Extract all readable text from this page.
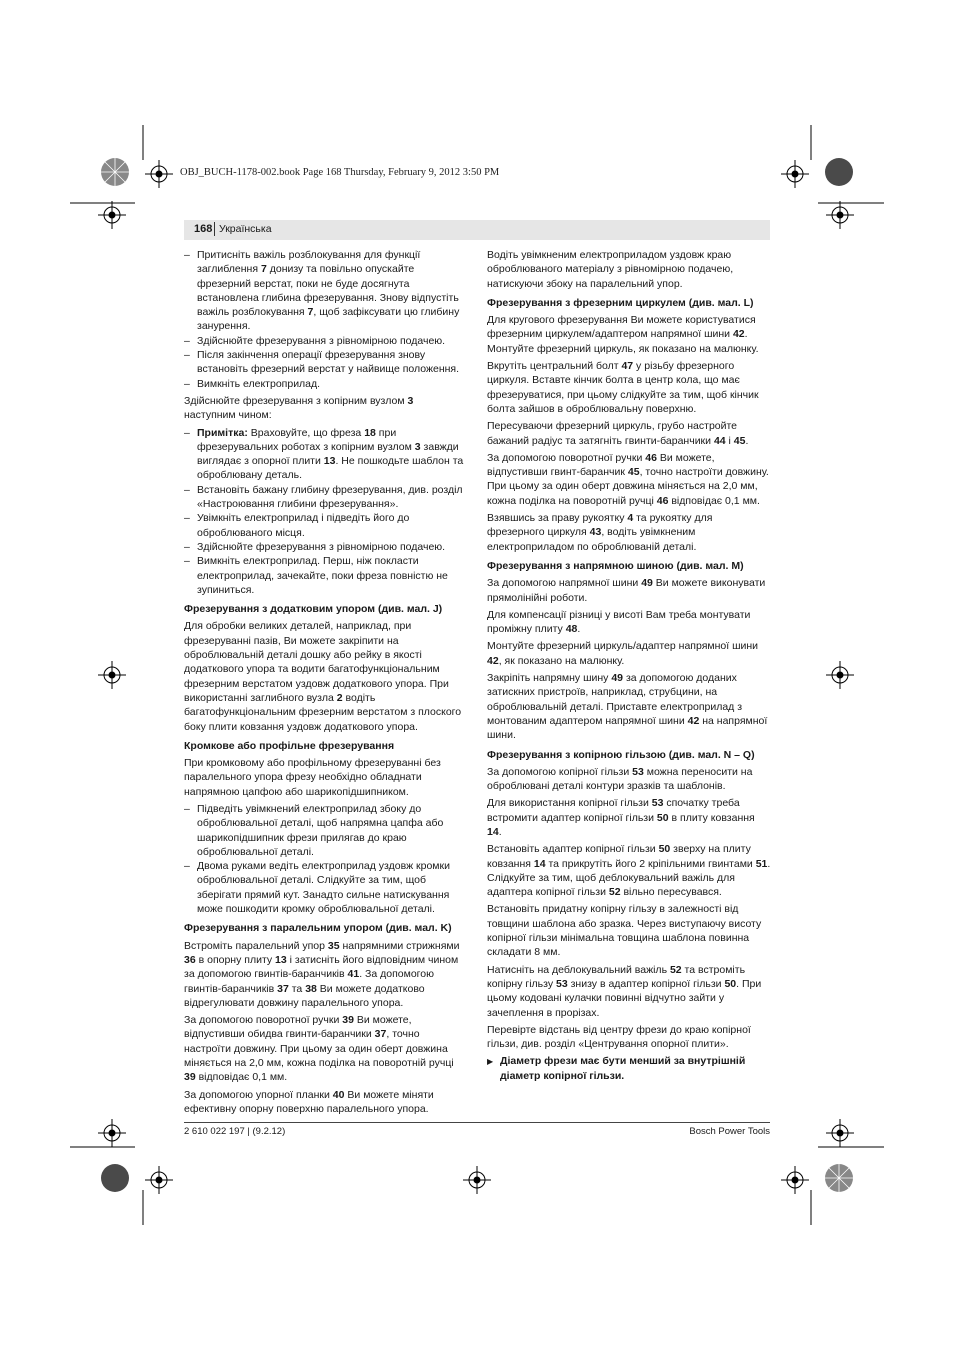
OBJ_BUCH-1178-002.book Page 168 Thursday, February 9, 2012 3:50 PM
168 Українська
– Притисніть важіль розблокування для функції заглиблення 7 донизу та повільно опускайте фрезерний верстат, поки не буде досягнута встановлена глибина фрезерування. Знову відпустіть важіль розблокування 7, щоб зафіксувати цю глибину занурення.
– Здійснюйте фрезерування з рівномірною подачею.
– Після закінчення операції фрезерування знову встановіть фрезерний верстат у найвище положення.
– Вимкніть електроприлад.

Здійснюйте фрезерування з копірним вузлом 3 наступним чином:

– Примітка: Враховуйте, що фреза 18 при фрезерувальних роботах з копірним вузлом 3 завжди виглядає з опорної плити 13. Не пошкодьте шаблон та оброблювану деталь.
– Встановіть бажану глибину фрезерування, див. розділ «Настроювання глибини фрезерування».
– Увімкніть електроприлад і підведіть його до оброблюваного місця.
– Здійснюйте фрезерування з рівномірною подачею.
– Вимкніть електроприлад. Перш, ніж покласти електроприлад, зачекайте, поки фреза повністю не зупиниться.
Фрезерування з додатковим упором (див. мал. J)

Для обробки великих деталей, наприклад, при фрезеруванні пазів, Ви можете закріпити на оброблювальній деталі дошку або рейку в якості додаткового упора та водити багатофункціональним фрезерним верстатом уздовж додаткового упора. При використанні заглибного вузла 2 водіть багатофункціональним фрезерним верстатом з плоского боку плити ковзання уздовж додаткового упора.

Кромкове або профільне фрезерування

При кромковому або профільному фрезеруванні без паралельного упора фрезу необхідно обладнати напрямною цапфою або шарикопідшипником.

– Підведіть увімкнений електроприлад збоку до оброблювальної деталі, щоб напрямна цапфа або шарикопідшипник фрези прилягав до краю оброблювальної деталі.
– Двома руками ведіть електроприлад уздовж кромки оброблювальної деталі. Слідкуйте за тим, щоб зберігати прямий кут. Занадто сильне натискування може пошкодити кромку оброблювальної деталі.
Фрезерування з паралельним упором (див. мал. K)

Встроміть паралельний упор 35 напрямними стрижнями 36 в опорну плиту 13 і затисніть його відповідним чином за допомогою гвинтів-баранчиків 41. За допомогою гвинтів-баранчиків 37 та 38 Ви можете додатково відрегулювати довжину паралельного упора.

За допомогою поворотної ручки 39 Ви можете, відпустивши обидва гвинти-баранчики 37, точно настроїти довжину. При цьому за один оберт довжина міняється на 2,0 мм, кожна поділка на поворотній ручці 39 відповідає 0,1 мм.

За допомогою упорної планки 40 Ви можете міняти ефективну опорну поверхню паралельного упора.

Водіть увімкненим електроприладом уздовж краю оброблюваного матеріалу з рівномірною подачею, натискуючи збоку на паралельний упор.

Фрезерування з фрезерним циркулем (див. мал. L)

Для кругового фрезерування Ви можете користуватися фрезерним циркулем/адаптером напрямної шини 42. Монтуйте фрезерний циркуль, як показано на малюнку.

Вкрутіть центральний болт 47 у різьбу фрезерного циркуля. Вставте кінчик болта в центр кола, що має фрезеруватися, при цьому слідкуйте за тим, щоб кінчик болта зайшов в оброблювальну поверхню.

Пересуваючи фрезерний циркуль, грубо настройте бажаний радіус та затягніть гвинти-баранчики 44 і 45.

За допомогою поворотної ручки 46 Ви можете, відпустивши гвинт-баранчик 45, точно настроїти довжину. При цьому за один оберт довжина міняється на 2,0 мм, кожна поділка на поворотній ручці 46 відповідає 0,1 мм.

Взявшись за праву рукоятку 4 та рукоятку для фрезерного циркуля 43, водіть увімкненим електроприладом по оброблюваній деталі.

Фрезерування з напрямною шиною (див. мал. M)

За допомогою напрямної шини 49 Ви можете виконувати прямолінійні роботи.

Для компенсації різниці у висоті Вам треба монтувати проміжну плиту 48.

Монтуйте фрезерний циркуль/адаптер напрямної шини 42, як показано на малюнку.

Закріпіть напрямну шину 49 за допомогою доданих затискних пристроїв, наприклад, струбцини, на оброблювальній деталі. Приставте електроприлад з монтованим адаптером напрямної шини 42 на напрямної шини.

Фрезерування з копірною гільзою (див. мал. N – Q)

За допомогою копірної гільзи 53 можна переносити на оброблювані деталі контури зразків та шаблонів.

Для використання копірної гільзи 53 спочатку треба встромити адаптер копірної гільзи 50 в плиту ковзання 14.

Встановіть адаптер копірної гільзи 50 зверху на плиту ковзання 14 та прикрутіть його 2 кріпільними гвинтами 51. Слідкуйте за тим, щоб деблокувальний важіль для адаптера копірної гільзи 52 вільно пересувався.

Встановіть придатну копірну гільзу в залежності від товщини шаблона або зразка. Через виступаючу висоту копірної гільзи мінімальна товщина шаблона повинна складати 8 мм.

Натисніть на деблокувальний важіль 52 та встроміть копірну гільзу 53 знизу в адаптер копірної гільзи 50. При цьому кодовані кулачки повинні відчутно зайти у зачеплення в прорізах.

Перевірте відстань від центру фрези до краю копірної гільзи, див. розділ «Центрування опорної плити».

▶ Діаметр фрези має бути менший за внутрішній діаметр копірної гільзи.
2 610 022 197 | (9.2.12)	Bosch Power Tools
